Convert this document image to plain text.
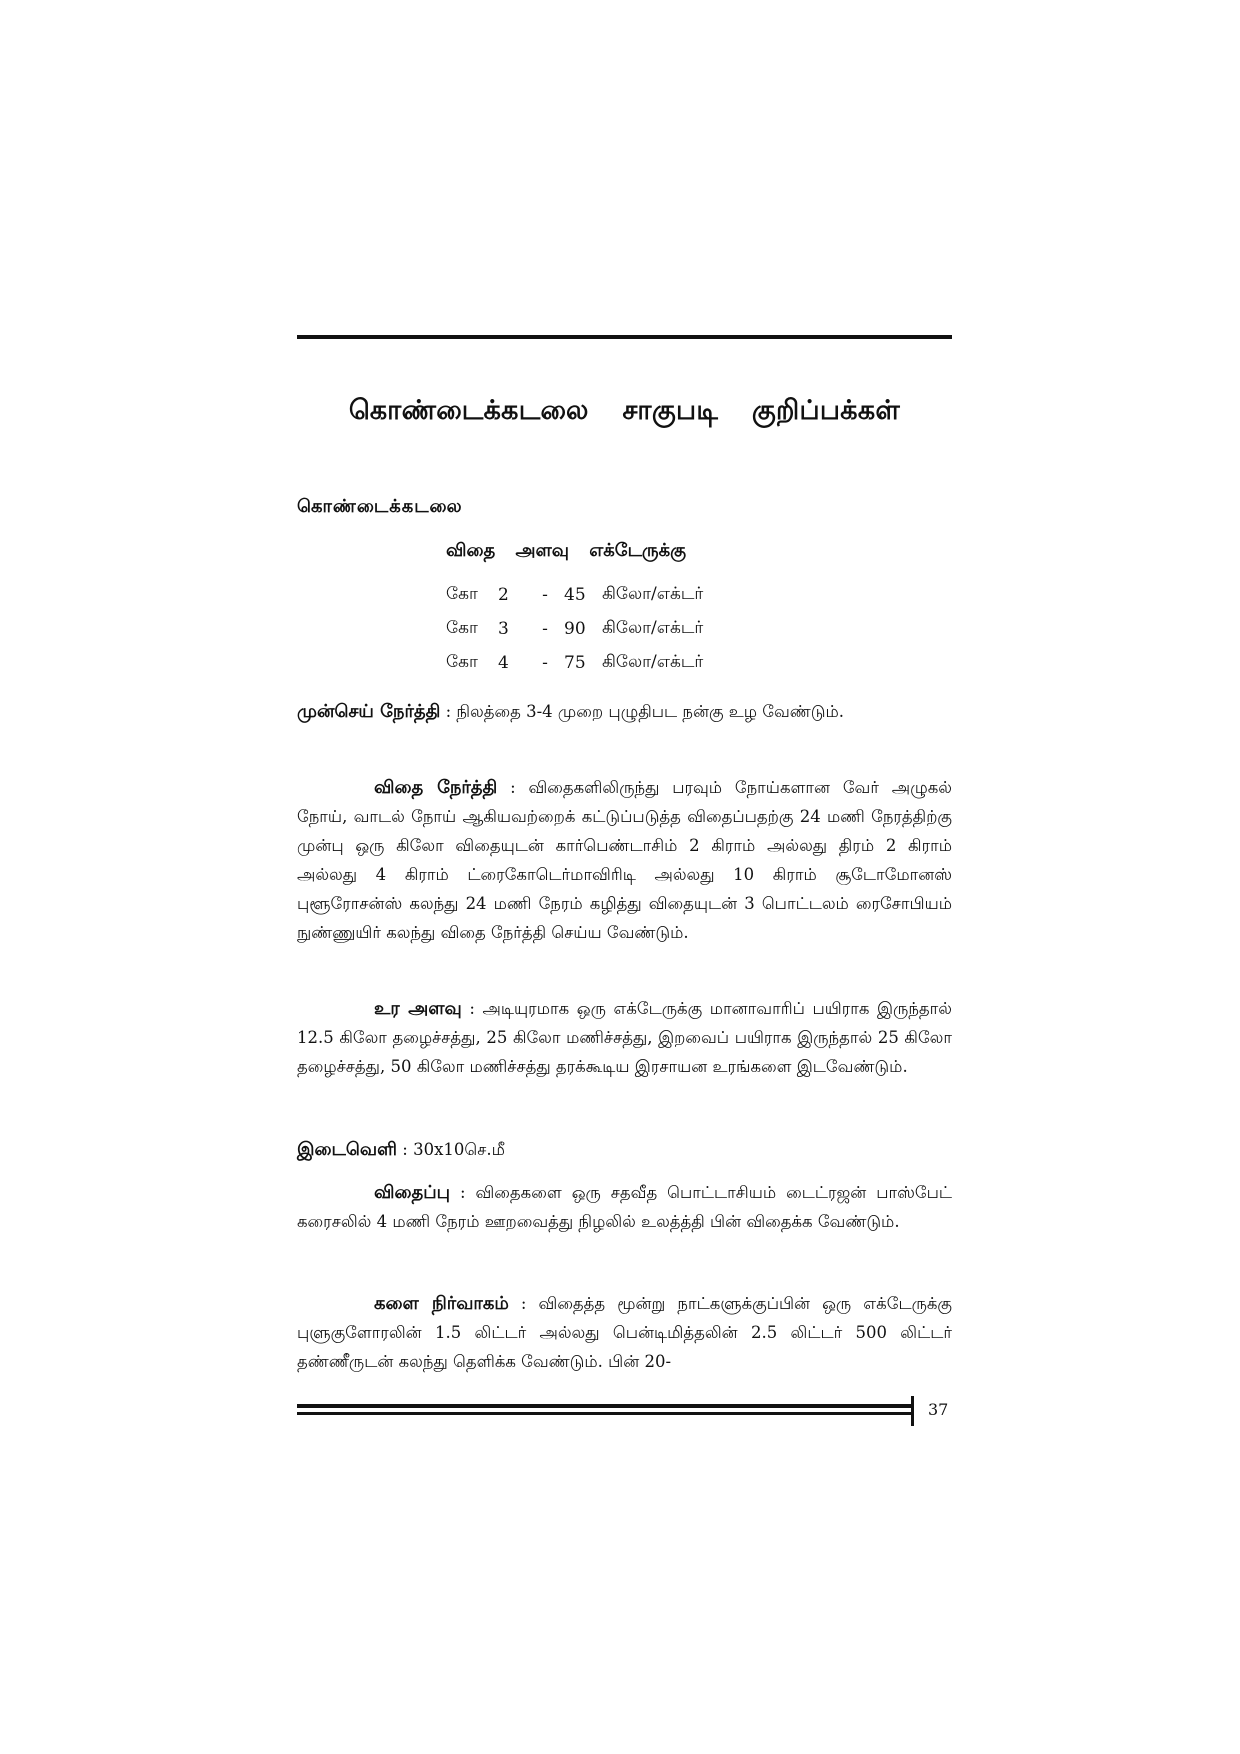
கொண்டைக்கடலை சாகுபடி குறிப்பக்கள்
கொண்டைக்கடலை
விதை அளவு எக்டேருக்கு
கோ	2	-	45	கிலோ/எக்டர்
கோ	3	-	90	கிலோ/எக்டர்
கோ	4	-	75	கிலோ/எக்டர்

முன்செய் நேர்த்தி : நிலத்தை 3-4 முறை புழுதிபட நன்கு உழ வேண்டும்.

விதை நேர்த்தி : விதைகளிலிருந்து பரவும் நோய்களான வேர் அழுகல் நோய், வாடல் நோய் ஆகியவற்றைக் கட்டுப்படுத்த விதைப்பதற்கு 24 மணி நேரத்திற்கு முன்பு ஒரு கிலோ விதையுடன் கார்பெண்டாசிம் 2 கிராம் அல்லது திரம் 2 கிராம் அல்லது 4 கிராம் ட்ரைகோடெர்மாவிரிடி அல்லது 10 கிராம் சூடோமோனஸ் புளூரோசன்ஸ் கலந்து 24 மணி நேரம் கழித்து விதையுடன் 3 பொட்டலம் ரைசோபியம் நுண்ணுயிர் கலந்து விதை நேர்த்தி செய்ய வேண்டும்.

உர அளவு : அடியுரமாக ஒரு எக்டேருக்கு மானாவாரிப் பயிராக இருந்தால் 12.5 கிலோ தழைச்சத்து, 25 கிலோ மணிச்சத்து, இறவைப் பயிராக இருந்தால் 25 கிலோ தழைச்சத்து, 50 கிலோ மணிச்சத்து தரக்கூடிய இரசாயன உரங்களை இடவேண்டும்.

இடைவெளி : 30x10செ.மீ

விதைப்பு : விதைகளை ஒரு சதவீத பொட்டாசியம் டைட்ரஜன் பாஸ்பேட் கரைசலில் 4 மணி நேரம் ஊறவைத்து நிழலில் உலத்த்தி பின் விதைக்க வேண்டும்.

களை நிர்வாகம் : விதைத்த மூன்று நாட்களுக்குப்பின் ஒரு எக்டேருக்கு புளுகுளோரலின் 1.5 லிட்டர் அல்லது பென்டிமித்தலின் 2.5 லிட்டர் 500 லிட்டர் தண்ணீருடன் கலந்து தெளிக்க வேண்டும். பின் 20-

37
